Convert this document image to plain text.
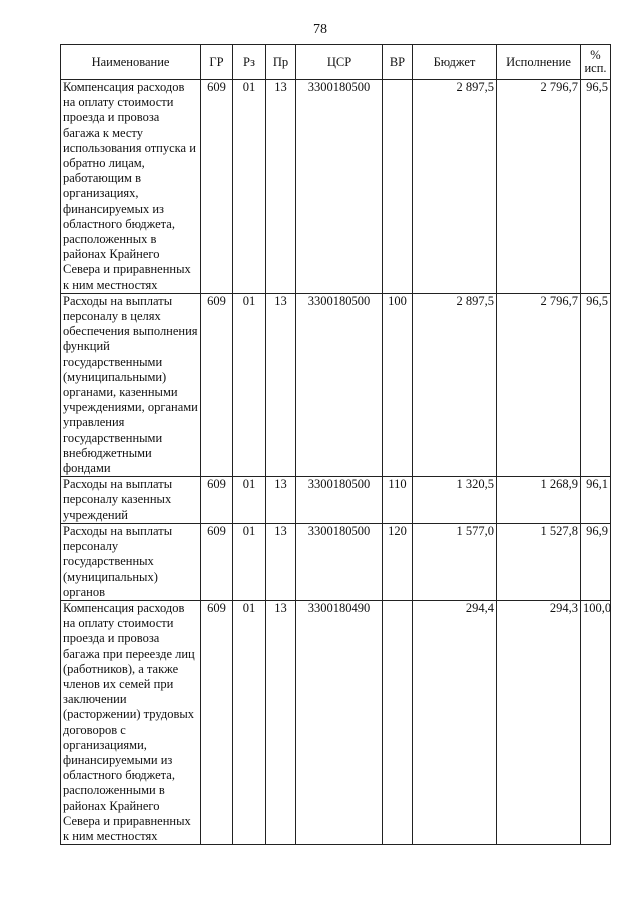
78
Наименование	ГР	Рз	Пр	ЦСР	ВР	Бюджет	Исполнение	% исп.
Компенсация расходов на оплату стоимости проезда и провоза багажа к месту использования отпуска и обратно лицам, работающим в организациях, финансируемых из областного бюджета, расположенных в районах Крайнего Севера и приравненных к ним местностях	609	01	13	3300180500		2 897,5	2 796,7	96,5
Расходы на выплаты персоналу в целях обеспечения выполнения функций государственными (муниципальными) органами, казенными учреждениями, органами управления государственными внебюджетными фондами	609	01	13	3300180500	100	2 897,5	2 796,7	96,5
Расходы на выплаты персоналу казенных учреждений	609	01	13	3300180500	110	1 320,5	1 268,9	96,1
Расходы на выплаты персоналу государственных (муниципальных) органов	609	01	13	3300180500	120	1 577,0	1 527,8	96,9
Компенсация расходов на оплату стоимости проезда и провоза багажа при переезде лиц (работников), а также членов их семей при заключении (расторжении) трудовых договоров с организациями, финансируемыми из областного бюджета, расположенными в районах Крайнего Севера и приравненных к ним местностях	609	01	13	3300180490		294,4	294,3	100,0
